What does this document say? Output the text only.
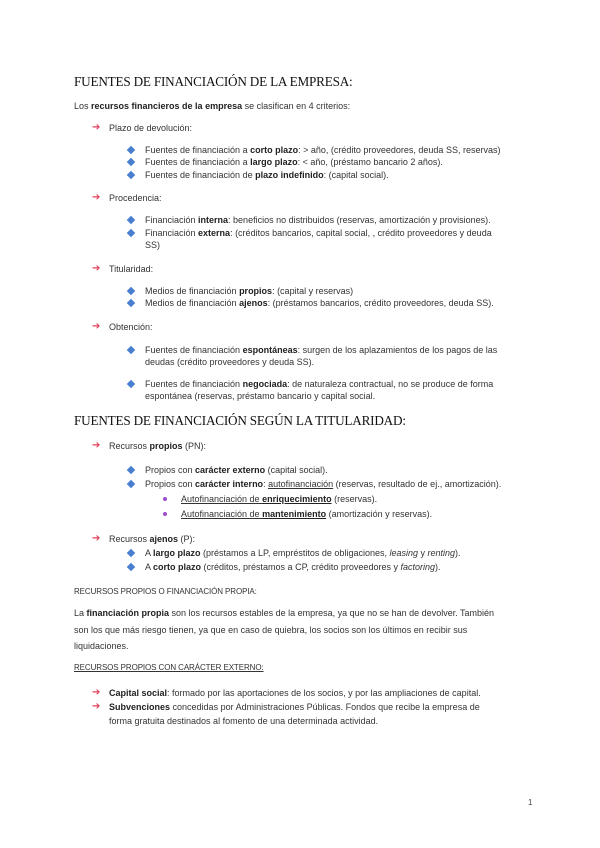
FUENTES DE FINANCIACIÓN DE LA EMPRESA:
Los recursos financieros de la empresa se clasifican en 4 criterios:
➔ Plazo de devolución:
Fuentes de financiación a corto plazo: > año, (crédito proveedores, deuda SS, reservas)
Fuentes de financiación a largo plazo: < año, (préstamo bancario 2 años).
Fuentes de financiación de plazo indefinido: (capital social).
➔ Procedencia:
Financiación interna: beneficios no distribuidos (reservas, amortización y provisiones).
Financiación externa: (créditos bancarios, capital social, , crédito proveedores y deuda
SS)
➔ Titularidad:
Medios de financiación propios: (capital y reservas)
Medios de financiación ajenos: (préstamos bancarios, crédito proveedores, deuda SS).
➔ Obtención:
Fuentes de financiación espontáneas: surgen de los aplazamientos de los pagos de las
deudas (crédito proveedores y deuda SS).
Fuentes de financiación negociada: de naturaleza contractual, no se produce de forma
espontánea (reservas, préstamo bancario y capital social.
FUENTES DE FINANCIACIÓN SEGÚN LA TITULARIDAD:
➔ Recursos propios (PN):
Propios con carácter externo (capital social).
Propios con carácter interno: autofinanciación (reservas, resultado de ej., amortización).
Autofinanciación de enriquecimiento (reservas).
Autofinanciación de mantenimiento (amortización y reservas).
➔ Recursos ajenos (P):
A largo plazo (préstamos a LP, empréstitos de obligaciones, leasing y renting).
A corto plazo (créditos, préstamos a CP, crédito proveedores y factoring).
RECURSOS PROPIOS O FINANCIACIÓN PROPIA:
La financiación propia son los recursos estables de la empresa, ya que no se han de devolver. También
son los que más riesgo tienen, ya que en caso de quiebra, los socios son los últimos en recibir sus
liquidaciones.
RECURSOS PROPIOS CON CARÁCTER EXTERNO:
➔ Capital social: formado por las aportaciones de los socios, y por las ampliaciones de capital.
➔ Subvenciones concedidas por Administraciones Públicas. Fondos que recibe la empresa de
forma gratuita destinados al fomento de una determinada actividad.
1
